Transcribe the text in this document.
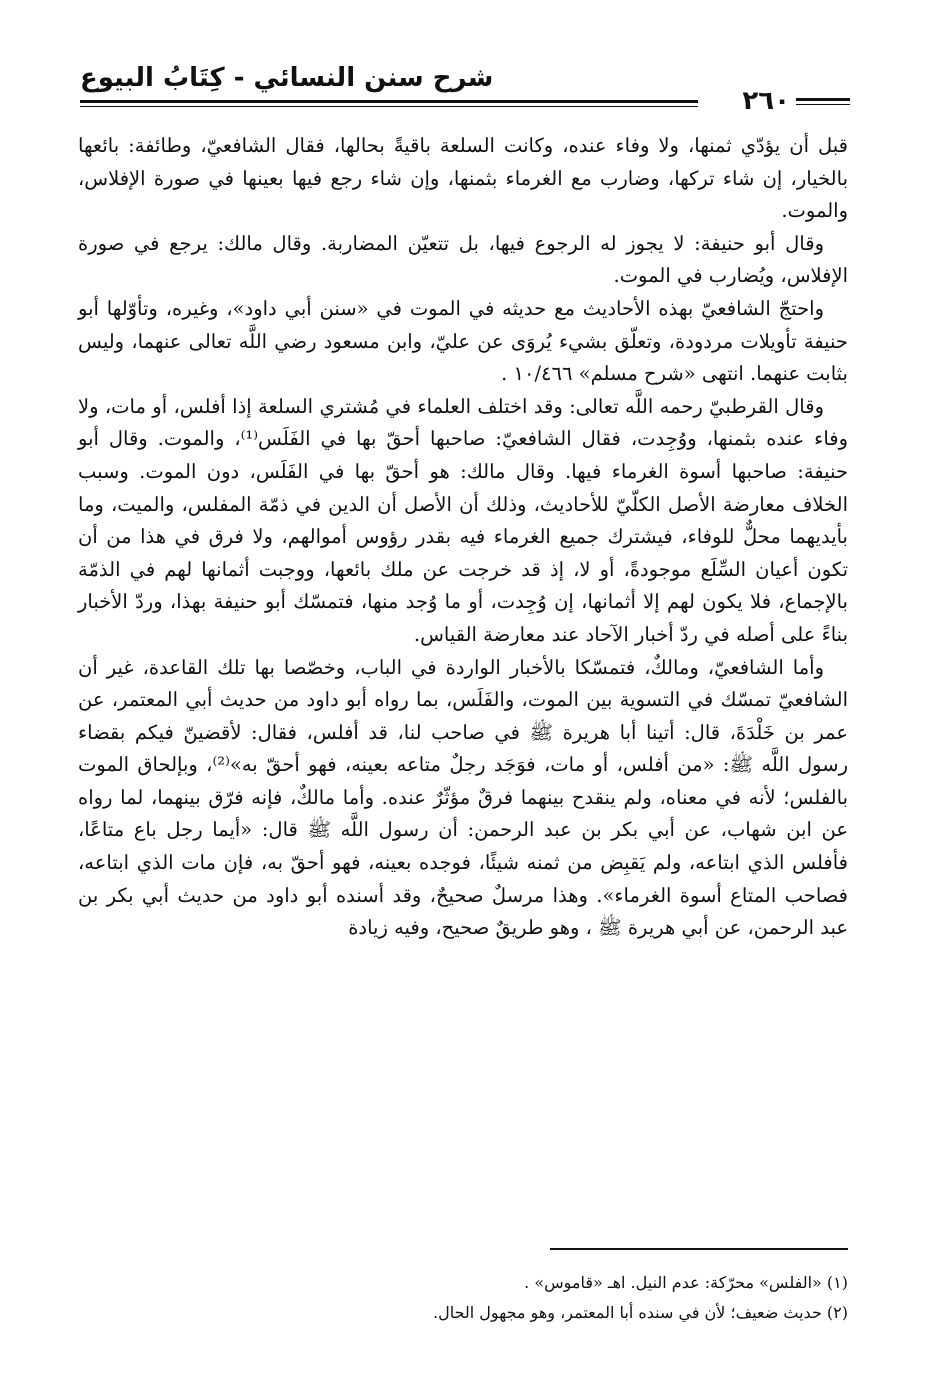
شرح سنن النسائي - كِتَابُ البيوع
٢٦٠

قبل أن يؤدّي ثمنها، ولا وفاء عنده، وكانت السلعة باقيةً بحالها، فقال الشافعيّ، وطائفة: بائعها بالخيار، إن شاء تركها، وضارب مع الغرماء بثمنها، وإن شاء رجع فيها بعينها في صورة الإفلاس، والموت.

وقال أبو حنيفة: لا يجوز له الرجوع فيها، بل تتعيّن المضاربة. وقال مالك: يرجع في صورة الإفلاس، ويُضارب في الموت.

واحتجّ الشافعيّ بهذه الأحاديث مع حديثه في الموت في «سنن أبي داود»، وغيره، وتأوّلها أبو حنيفة تأويلات مردودة، وتعلّق بشيء يُروَى عن عليّ، وابن مسعود رضي اللَّه تعالى عنهما، وليس بثابت عنهما. انتهى «شرح مسلم» ١٠/٤٦٦ .

وقال القرطبيّ رحمه اللَّه تعالى: وقد اختلف العلماء في مُشتري السلعة إذا أفلس، أو مات، ولا وفاء عنده بثمنها، ووُجِدت، فقال الشافعيّ: صاحبها أحقّ بها في الفَلَس⁽¹⁾، والموت. وقال أبو حنيفة: صاحبها أسوة الغرماء فيها. وقال مالك: هو أحقّ بها في الفَلَس، دون الموت. وسبب الخلاف معارضة الأصل الكلّيّ للأحاديث، وذلك أن الأصل أن الدين في ذمّة المفلس، والميت، وما بأيديهما محلٌّ للوفاء، فيشترك جميع الغرماء فيه بقدر رؤوس أموالهم، ولا فرق في هذا من أن تكون أعيان السِّلَع موجودةً، أو لا، إذ قد خرجت عن ملك بائعها، ووجبت أثمانها لهم في الذمّة بالإجماع، فلا يكون لهم إلا أثمانها، إن وُجِدت، أو ما وُجد منها، فتمسّك أبو حنيفة بهذا، وردّ الأخبار بناءً على أصله في ردّ أخبار الآحاد عند معارضة القياس.

وأما الشافعيّ، ومالكٌ، فتمسّكا بالأخبار الواردة في الباب، وخصّصا بها تلك القاعدة، غير أن الشافعيّ تمسّك في التسوية بين الموت، والفَلَس، بما رواه أبو داود من حديث أبي المعتمر، عن عمر بن خَلْدَةَ، قال: أتينا أبا هريرة ﷺ في صاحب لنا، قد أفلس، فقال: لأقضينّ فيكم بقضاء رسول اللَّه ﷺ: «من أفلس، أو مات، فوَجَد رجلٌ متاعه بعينه، فهو أحقّ به»⁽²⁾، وبإلحاق الموت بالفلس؛ لأنه في معناه، ولم ينقدح بينهما فرقٌ مؤثّرٌ عنده. وأما مالكٌ، فإنه فرّق بينهما، لما رواه عن ابن شهاب، عن أبي بكر بن عبد الرحمن: أن رسول اللَّه ﷺ قال: «أيما رجل باع متاعًا، فأفلس الذي ابتاعه، ولم يَقبِض من ثمنه شيئًا، فوجده بعينه، فهو أحقّ به، فإن مات الذي ابتاعه، فصاحب المتاع أسوة الغرماء». وهذا مرسلٌ صحيحٌ، وقد أسنده أبو داود من حديث أبي بكر بن عبد الرحمن، عن أبي هريرة ﷺ ، وهو طريقٌ صحيح، وفيه زيادة

(١) «الفلس» محرّكة: عدم النيل. اهـ «قاموس» .
(٢) حديث ضعيف؛ لأن في سنده أبا المعتمر، وهو مجهول الحال.
